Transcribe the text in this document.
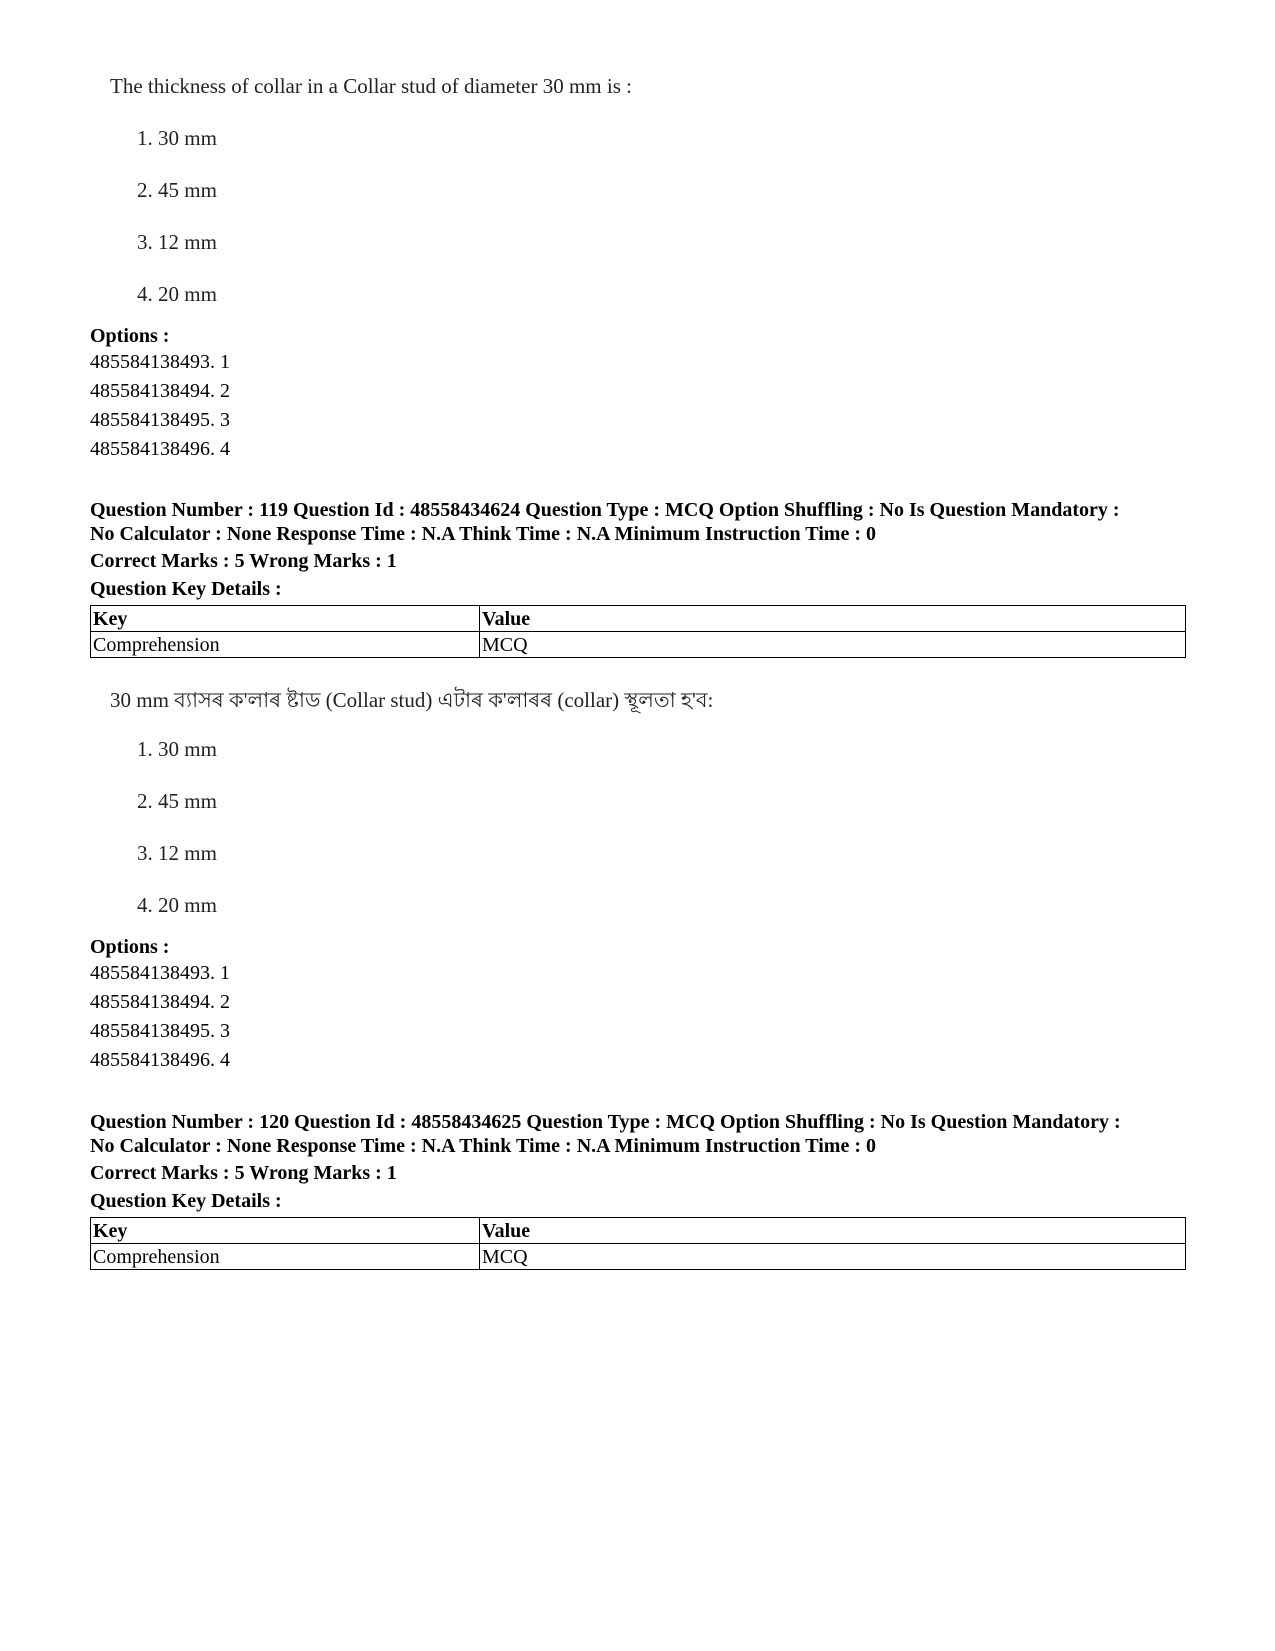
The thickness of collar in a Collar stud of diameter 30 mm is :
1. 30 mm
2. 45 mm
3. 12 mm
4. 20 mm
Options :
485584138493. 1
485584138494. 2
485584138495. 3
485584138496. 4
Question Number : 119 Question Id : 48558434624 Question Type : MCQ Option Shuffling : No Is Question Mandatory :
No Calculator : None Response Time : N.A Think Time : N.A Minimum Instruction Time : 0
Correct Marks : 5 Wrong Marks : 1
Question Key Details :
Key	Value
Comprehension	MCQ
30 mm ব্যাসৰ ক'লাৰ ষ্টাড (Collar stud) এটাৰ ক'লাৰৰ (collar) স্থূলতা হ'ব:
1. 30 mm
2. 45 mm
3. 12 mm
4. 20 mm
Options :
485584138493. 1
485584138494. 2
485584138495. 3
485584138496. 4
Question Number : 120 Question Id : 48558434625 Question Type : MCQ Option Shuffling : No Is Question Mandatory :
No Calculator : None Response Time : N.A Think Time : N.A Minimum Instruction Time : 0
Correct Marks : 5 Wrong Marks : 1
Question Key Details :
Key	Value
Comprehension	MCQ
